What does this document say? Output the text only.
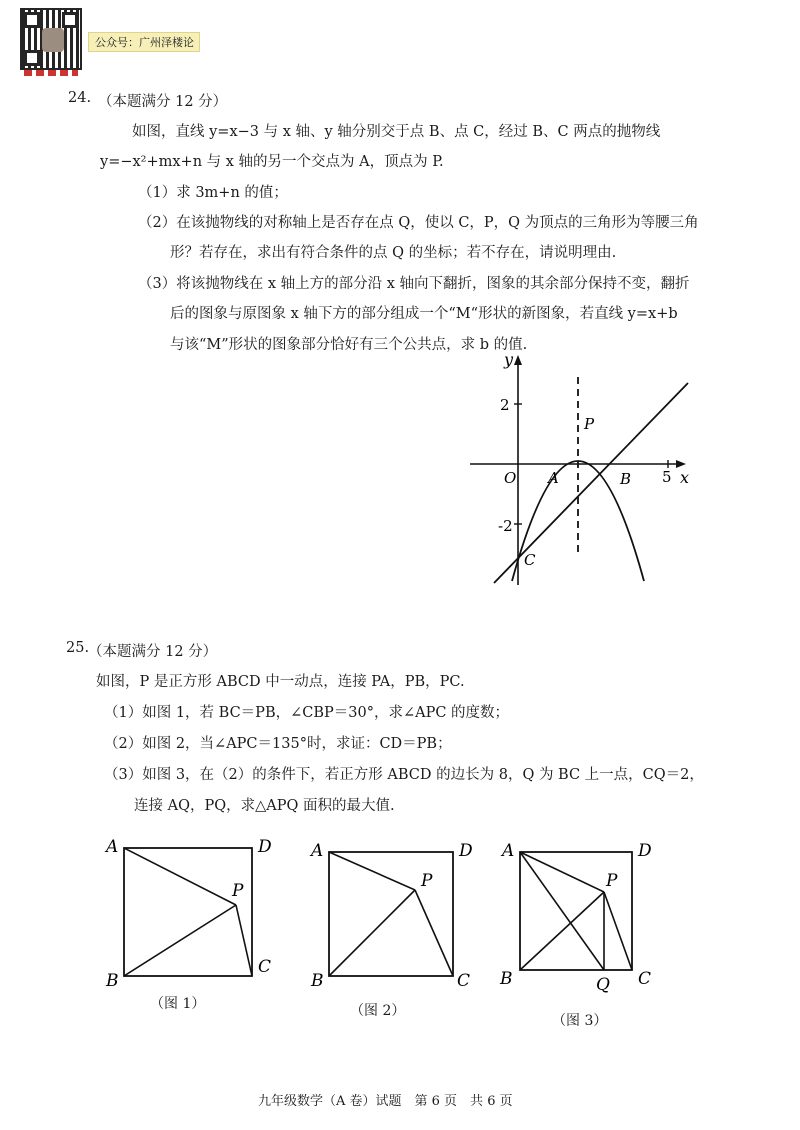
公众号：广州泽楼论
24. （本题满分 12 分）
如图，直线 y=x−3 与 x 轴、y 轴分别交于点 B、点 C，经过 B、C 两点的抛物线
y=−x²+mx+n 与 x 轴的另一个交点为 A，顶点为 P.
（1）求 3m+n 的值；
（2）在该抛物线的对称轴上是否存在点 Q，使以 C，P，Q 为顶点的三角形为等腰三角
形？若存在，求出有符合条件的点 Q 的坐标；若不存在，请说明理由.
（3）将该抛物线在 x 轴上方的部分沿 x 轴向下翻折，图象的其余部分保持不变，翻折
后的图象与原图象 x 轴下方的部分组成一个“M“形状的新图象，若直线 y=x+b
与该“M”形状的图象部分恰好有三个公共点，求 b 的值.
y
x
O
2
-2
5
A	B
C
P
25.
（本题满分 12 分）
如图，P 是正方形 ABCD 中一动点，连接 PA，PB，PC.
（1）如图 1，若 BC＝PB，∠CBP＝30°，求∠APC 的度数；
（2）如图 2，当∠APC＝135°时，求证：CD＝PB；
（3）如图 3，在（2）的条件下，若正方形 ABCD 的边长为 8，Q 为 BC 上一点，CQ＝2，
连接 AQ，PQ，求△APQ 面积的最大值.
A	D
B
C
P
（图 1）
A	D
B	C
P
（图 2）
A	D
B	C
P
Q
（图 3）
九年级数学（A 卷）试题　第 6 页　共 6 页
